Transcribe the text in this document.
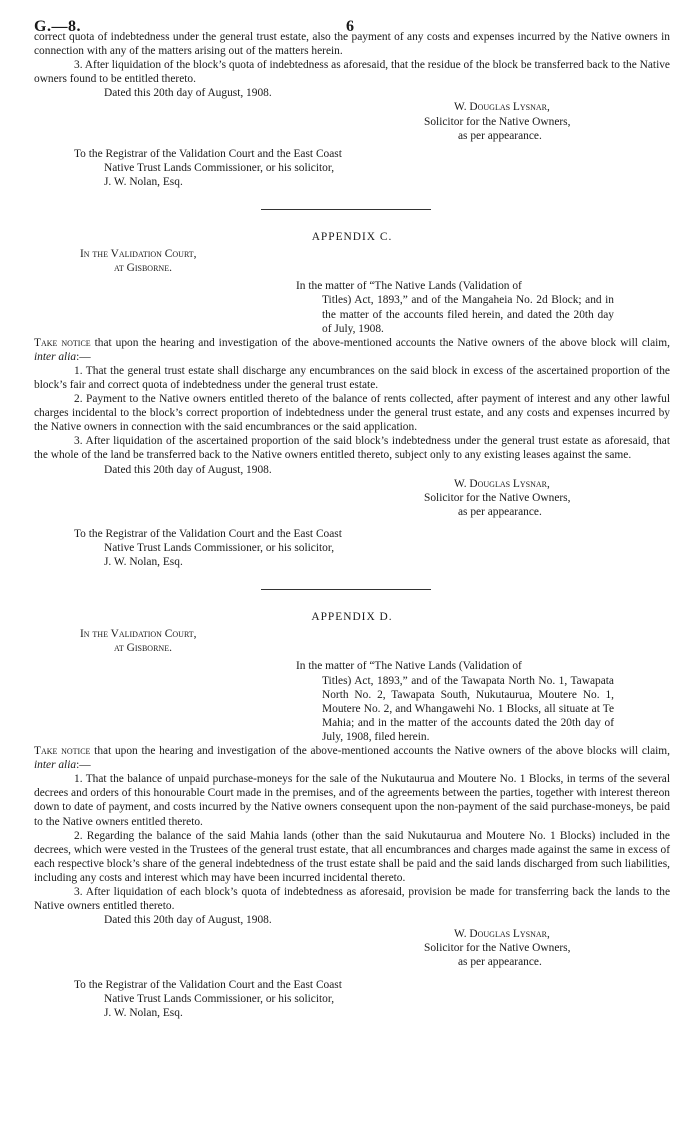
G.—8.	6

correct quota of indebtedness under the general trust estate, also the payment of any costs and expenses incurred by the Native owners in connection with any of the matters arising out of the matters herein.

3. After liquidation of the block’s quota of indebtedness as aforesaid, that the residue of the block be transferred back to the Native owners found to be entitled thereto.

Dated this 20th day of August, 1908.

W. Douglas Lysnar,
Solicitor for the Native Owners,
as per appearance.
To the Registrar of the Validation Court and the East Coast
Native Trust Lands Commissioner, or his solicitor,
J. W. Nolan, Esq.

APPENDIX C.

In the Validation Court,
at Gisborne.
In the matter of “The Native Lands (Validation of
Titles) Act, 1893,” and of the Mangaheia No. 2d Block; and in the matter of the accounts filed herein, and dated the 20th day of July, 1908.

Take notice that upon the hearing and investigation of the above-mentioned accounts the Native owners of the above block will claim, inter alia:—

1. That the general trust estate shall discharge any encumbrances on the said block in excess of the ascertained proportion of the block’s fair and correct quota of indebtedness under the general trust estate.

2. Payment to the Native owners entitled thereto of the balance of rents collected, after payment of interest and any other lawful charges incidental to the block’s correct proportion of indebtedness under the general trust estate, and any costs and expenses incurred by the Native owners in connection with the said encumbrances or the said application.

3. After liquidation of the ascertained proportion of the said block’s indebtedness under the general trust estate as aforesaid, that the whole of the land be transferred back to the Native owners entitled thereto, subject only to any existing leases against the same.

Dated this 20th day of August, 1908.

W. Douglas Lysnar,
Solicitor for the Native Owners,
as per appearance.
To the Registrar of the Validation Court and the East Coast
Native Trust Lands Commissioner, or his solicitor,
J. W. Nolan, Esq.

APPENDIX D.

In the Validation Court,
at Gisborne.
In the matter of “The Native Lands (Validation of
Titles) Act, 1893,” and of the Tawapata North No. 1, Tawapata North No. 2, Tawapata South, Nukutaurua, Moutere No. 1, Moutere No. 2, and Whangawehi No. 1 Blocks, all situate at Te Mahia; and in the matter of the accounts dated the 20th day of July, 1908, filed herein.

Take notice that upon the hearing and investigation of the above-mentioned accounts the Native owners of the above blocks will claim, inter alia:—

1. That the balance of unpaid purchase-moneys for the sale of the Nukutaurua and Moutere No. 1 Blocks, in terms of the several decrees and orders of this honourable Court made in the premises, and of the agreements between the parties, together with interest thereon down to date of payment, and costs incurred by the Native owners consequent upon the non-payment of the said purchase-moneys, be paid to the Native owners entitled thereto.

2. Regarding the balance of the said Mahia lands (other than the said Nukutaurua and Moutere No. 1 Blocks) included in the decrees, which were vested in the Trustees of the general trust estate, that all encumbrances and charges made against the same in excess of each respective block’s share of the general indebtedness of the trust estate shall be paid and the said lands discharged from such liabilities, including any costs and interest which may have been incurred incidental thereto.

3. After liquidation of each block’s quota of indebtedness as aforesaid, provision be made for transferring back the lands to the Native owners entitled thereto.

Dated this 20th day of August, 1908.

W. Douglas Lysnar,
Solicitor for the Native Owners,
as per appearance.
To the Registrar of the Validation Court and the East Coast
Native Trust Lands Commissioner, or his solicitor,
J. W. Nolan, Esq.
